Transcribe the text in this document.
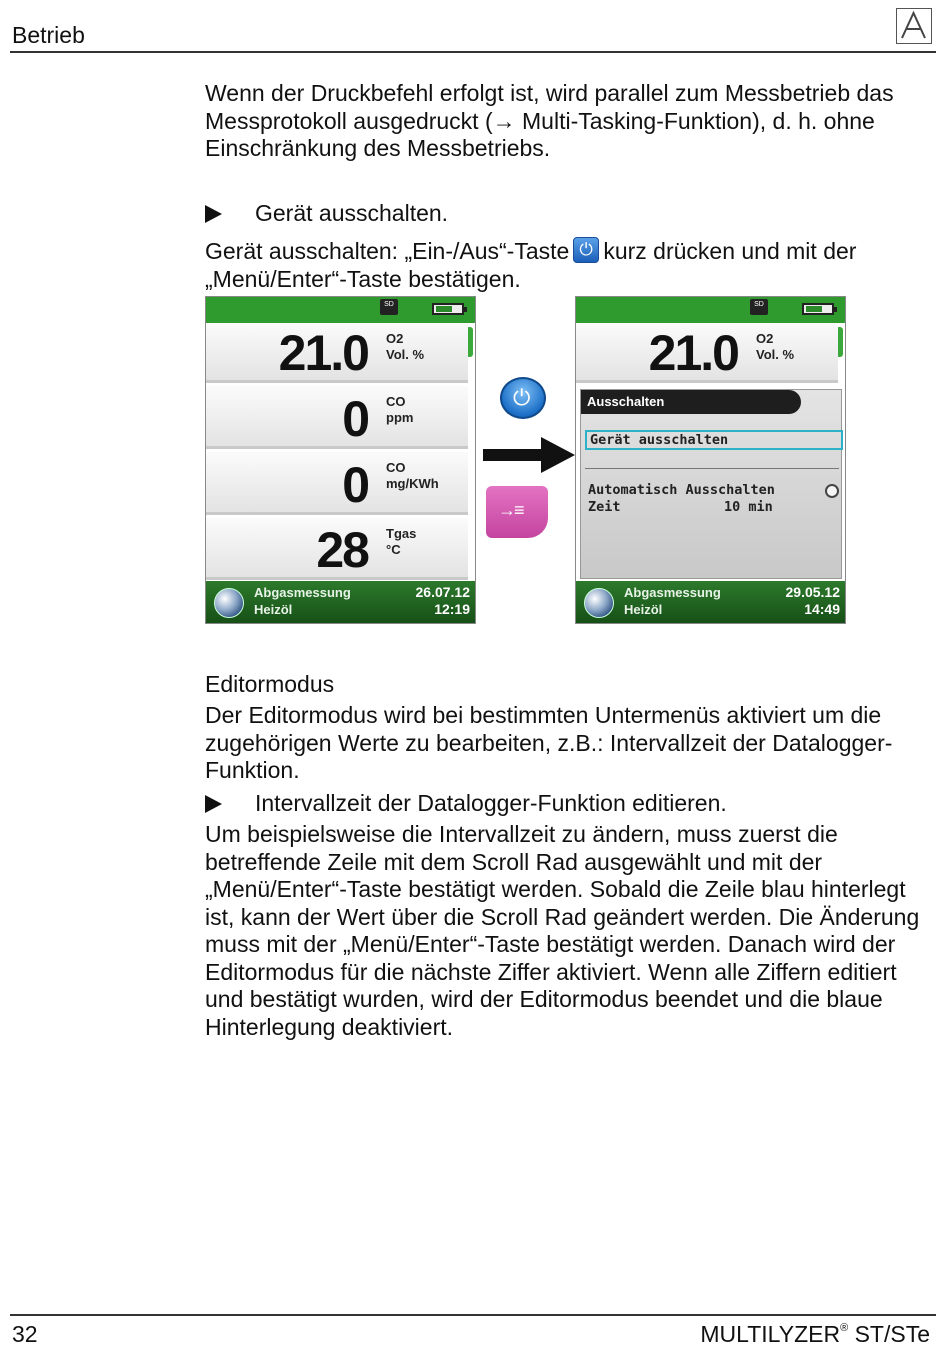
Betrieb
Wenn der Druckbefehl erfolgt ist, wird parallel zum Messbetrieb das Messprotokoll ausgedruckt (→ Multi-Tasking-Funktion), d. h. ohne Einschränkung des Messbetriebs.
Gerät ausschalten.
Gerät ausschalten: „Ein-/Aus“-Taste⏻ kurz drücken und mit der „Menü/Enter“-Taste bestätigen.
SD
21.0 O2
Vol. %
0 CO
ppm
0 CO
mg/KWh
28 Tgas
°C
Abgasmessung
Heizöl
26.07.12
12:19
⏻
→≡
SD
21.0 O2
Vol. %
Ausschalten
Gerät ausschalten
Automatisch Ausschalten
Zeit	10 min
Abgasmessung
Heizöl
29.05.12
14:49
Editormodus
Der Editormodus wird bei bestimmten Untermenüs aktiviert um die zugehörigen Werte zu bearbeiten, z.B.: Intervallzeit der Datalogger-Funktion.
Intervallzeit der Datalogger-Funktion editieren.
Um beispielsweise die Intervallzeit zu ändern, muss zuerst die betreffende Zeile mit dem Scroll Rad ausgewählt und mit der „Menü/Enter“-Taste bestätigt werden. Sobald die Zeile blau hinterlegt ist, kann der Wert über die Scroll Rad geändert werden. Die Änderung muss mit der „Menü/Enter“-Taste bestätigt werden. Danach wird der Editormodus für die nächste Ziffer aktiviert. Wenn alle Ziffern editiert und bestätigt wurden, wird der Editormodus beendet und die blaue Hinterlegung deaktiviert.
32	MULTILYZER® ST/STe
